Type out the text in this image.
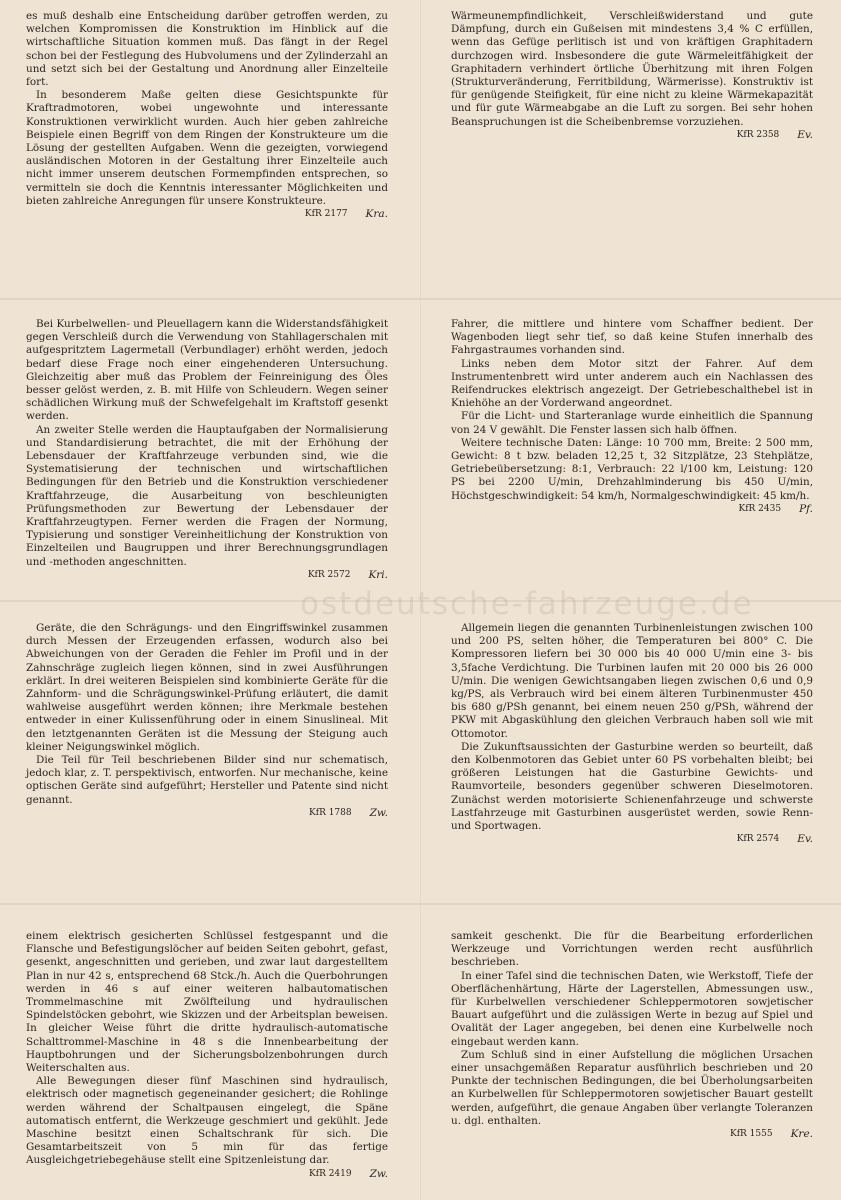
ostdeutsche-fahrzeuge.de

es muß deshalb eine Entscheidung darüber getroffen werden, zu welchen Kompromissen die Konstruktion im Hinblick auf die wirtschaftliche Situation kommen muß. Das fängt in der Regel schon bei der Festlegung des Hubvolumens und der Zylinderzahl an und setzt sich bei der Gestaltung und Anordnung aller Einzelteile fort.

In besonderem Maße gelten diese Gesichtspunkte für Kraftradmotoren, wobei ungewohnte und interessante Konstruktionen verwirklicht wurden. Auch hier geben zahlreiche Beispiele einen Begriff von dem Ringen der Konstrukteure um die Lösung der gestellten Aufgaben. Wenn die gezeigten, vorwiegend ausländischen Motoren in der Gestaltung ihrer Einzelteile auch nicht immer unserem deutschen Formempfinden entsprechen, so vermitteln sie doch die Kenntnis interessanter Möglichkeiten und bieten zahlreiche Anregungen für unsere Konstrukteure.

KfR 2177 Kra.

Wärmeunempfindlichkeit, Verschleißwiderstand und gute Dämpfung, durch ein Gußeisen mit mindestens 3,4 % C erfüllen, wenn das Gefüge perlitisch ist und von kräftigen Graphitadern durchzogen wird. Insbesondere die gute Wärmeleitfähigkeit der Graphitadern verhindert örtliche Überhitzung mit ihren Folgen (Strukturveränderung, Ferritbildung, Wärmerisse). Konstruktiv ist für genügende Steifigkeit, für eine nicht zu kleine Wärmekapazität und für gute Wärmeabgabe an die Luft zu sorgen. Bei sehr hohen Beanspruchungen ist die Scheibenbremse vorzuziehen.

KfR 2358 Ev.

Bei Kurbelwellen- und Pleuellagern kann die Widerstandsfähigkeit gegen Verschleiß durch die Verwendung von Stahllagerschalen mit aufgespritztem Lagermetall (Verbundlager) erhöht werden, jedoch bedarf diese Frage noch einer eingehenderen Untersuchung. Gleichzeitig aber muß das Problem der Feinreinigung des Öles besser gelöst werden, z. B. mit Hilfe von Schleudern. Wegen seiner schädlichen Wirkung muß der Schwefelgehalt im Kraftstoff gesenkt werden.

An zweiter Stelle werden die Hauptaufgaben der Normalisierung und Standardisierung betrachtet, die mit der Erhöhung der Lebensdauer der Kraftfahrzeuge verbunden sind, wie die Systematisierung der technischen und wirtschaftlichen Bedingungen für den Betrieb und die Konstruktion verschiedener Kraftfahrzeuge, die Ausarbeitung von beschleunigten Prüfungsmethoden zur Bewertung der Lebensdauer der Kraftfahrzeugtypen. Ferner werden die Fragen der Normung, Typisierung und sonstiger Vereinheitlichung der Konstruktion von Einzelteilen und Baugruppen und ihrer Berechnungsgrundlagen und -methoden angeschnitten.

KfR 2572 Kri.

Fahrer, die mittlere und hintere vom Schaffner bedient. Der Wagenboden liegt sehr tief, so daß keine Stufen innerhalb des Fahrgastraumes vorhanden sind.

Links neben dem Motor sitzt der Fahrer. Auf dem Instrumentenbrett wird unter anderem auch ein Nachlassen des Reifendruckes elektrisch angezeigt. Der Getriebeschalthebel ist in Kniehöhe an der Vorderwand angeordnet.

Für die Licht- und Starteranlage wurde einheitlich die Spannung von 24 V gewählt. Die Fenster lassen sich halb öffnen.

Weitere technische Daten: Länge: 10 700 mm, Breite: 2 500 mm, Gewicht: 8 t bzw. beladen 12,25 t, 32 Sitzplätze, 23 Stehplätze, Getriebeübersetzung: 8:1, Verbrauch: 22 l/100 km, Leistung: 120 PS bei 2200 U/min, Drehzahlminderung bis 450 U/min, Höchstgeschwindigkeit: 54 km/h, Normalgeschwindigkeit: 45 km/h.

KfR 2435 Pf.

Geräte, die den Schrägungs- und den Eingriffswinkel zusammen durch Messen der Erzeugenden erfassen, wodurch also bei Abweichungen von der Geraden die Fehler im Profil und in der Zahnschräge zugleich liegen können, sind in zwei Ausführungen erklärt. In drei weiteren Beispielen sind kombinierte Geräte für die Zahnform- und die Schrägungswinkel-Prüfung erläutert, die damit wahlweise ausgeführt werden können; ihre Merkmale bestehen entweder in einer Kulissenführung oder in einem Sinuslineal. Mit den letztgenannten Geräten ist die Messung der Steigung auch kleiner Neigungswinkel möglich.

Die Teil für Teil beschriebenen Bilder sind nur schematisch, jedoch klar, z. T. perspektivisch, entworfen. Nur mechanische, keine optischen Geräte sind aufgeführt; Hersteller und Patente sind nicht genannt.

KfR 1788 Zw.

Allgemein liegen die genannten Turbinenleistungen zwischen 100 und 200 PS, selten höher, die Temperaturen bei 800° C. Die Kompressoren liefern bei 30 000 bis 40 000 U/min eine 3- bis 3,5fache Verdichtung. Die Turbinen laufen mit 20 000 bis 26 000 U/min. Die wenigen Gewichtsangaben liegen zwischen 0,6 und 0,9 kg/PS, als Verbrauch wird bei einem älteren Turbinenmuster 450 bis 680 g/PSh genannt, bei einem neuen 250 g/PSh, während der PKW mit Abgaskühlung den gleichen Verbrauch haben soll wie mit Ottomotor.

Die Zukunftsaussichten der Gasturbine werden so beurteilt, daß den Kolbenmotoren das Gebiet unter 60 PS vorbehalten bleibt; bei größeren Leistungen hat die Gasturbine Gewichts- und Raumvorteile, besonders gegenüber schweren Dieselmotoren. Zunächst werden motorisierte Schienenfahrzeuge und schwerste Lastfahrzeuge mit Gasturbinen ausgerüstet werden, sowie Renn- und Sportwagen.

KfR 2574 Ev.

einem elektrisch gesicherten Schlüssel festgespannt und die Flansche und Befestigungslöcher auf beiden Seiten gebohrt, gefast, gesenkt, angeschnitten und gerieben, und zwar laut dargestelltem Plan in nur 42 s, entsprechend 68 Stck./h. Auch die Querbohrungen werden in 46 s auf einer weiteren halbautomatischen Trommelmaschine mit Zwölfteilung und hydraulischen Spindelstöcken gebohrt, wie Skizzen und der Arbeitsplan beweisen. In gleicher Weise führt die dritte hydraulisch-automatische Schalttrommel-Maschine in 48 s die Innenbearbeitung der Hauptbohrungen und der Sicherungsbolzenbohrungen durch Weiterschalten aus.

Alle Bewegungen dieser fünf Maschinen sind hydraulisch, elektrisch oder magnetisch gegeneinander gesichert; die Rohlinge werden während der Schaltpausen eingelegt, die Späne automatisch entfernt, die Werkzeuge geschmiert und gekühlt. Jede Maschine besitzt einen Schaltschrank für sich. Die Gesamtarbeitszeit von 5 min für das fertige Ausgleichgetriebegehäuse stellt eine Spitzenleistung dar.

KfR 2419 Zw.

samkeit geschenkt. Die für die Bearbeitung erforderlichen Werkzeuge und Vorrichtungen werden recht ausführlich beschrieben.

In einer Tafel sind die technischen Daten, wie Werkstoff, Tiefe der Oberflächenhärtung, Härte der Lagerstellen, Abmessungen usw., für Kurbelwellen verschiedener Schleppermotoren sowjetischer Bauart aufgeführt und die zulässigen Werte in bezug auf Spiel und Ovalität der Lager angegeben, bei denen eine Kurbelwelle noch eingebaut werden kann.

Zum Schluß sind in einer Aufstellung die möglichen Ursachen einer unsachgemäßen Reparatur ausführlich beschrieben und 20 Punkte der technischen Bedingungen, die bei Überholungsarbeiten an Kurbelwellen für Schleppermotoren sowjetischer Bauart gestellt werden, aufgeführt, die genaue Angaben über verlangte Toleranzen u. dgl. enthalten.

KfR 1555 Kre.
